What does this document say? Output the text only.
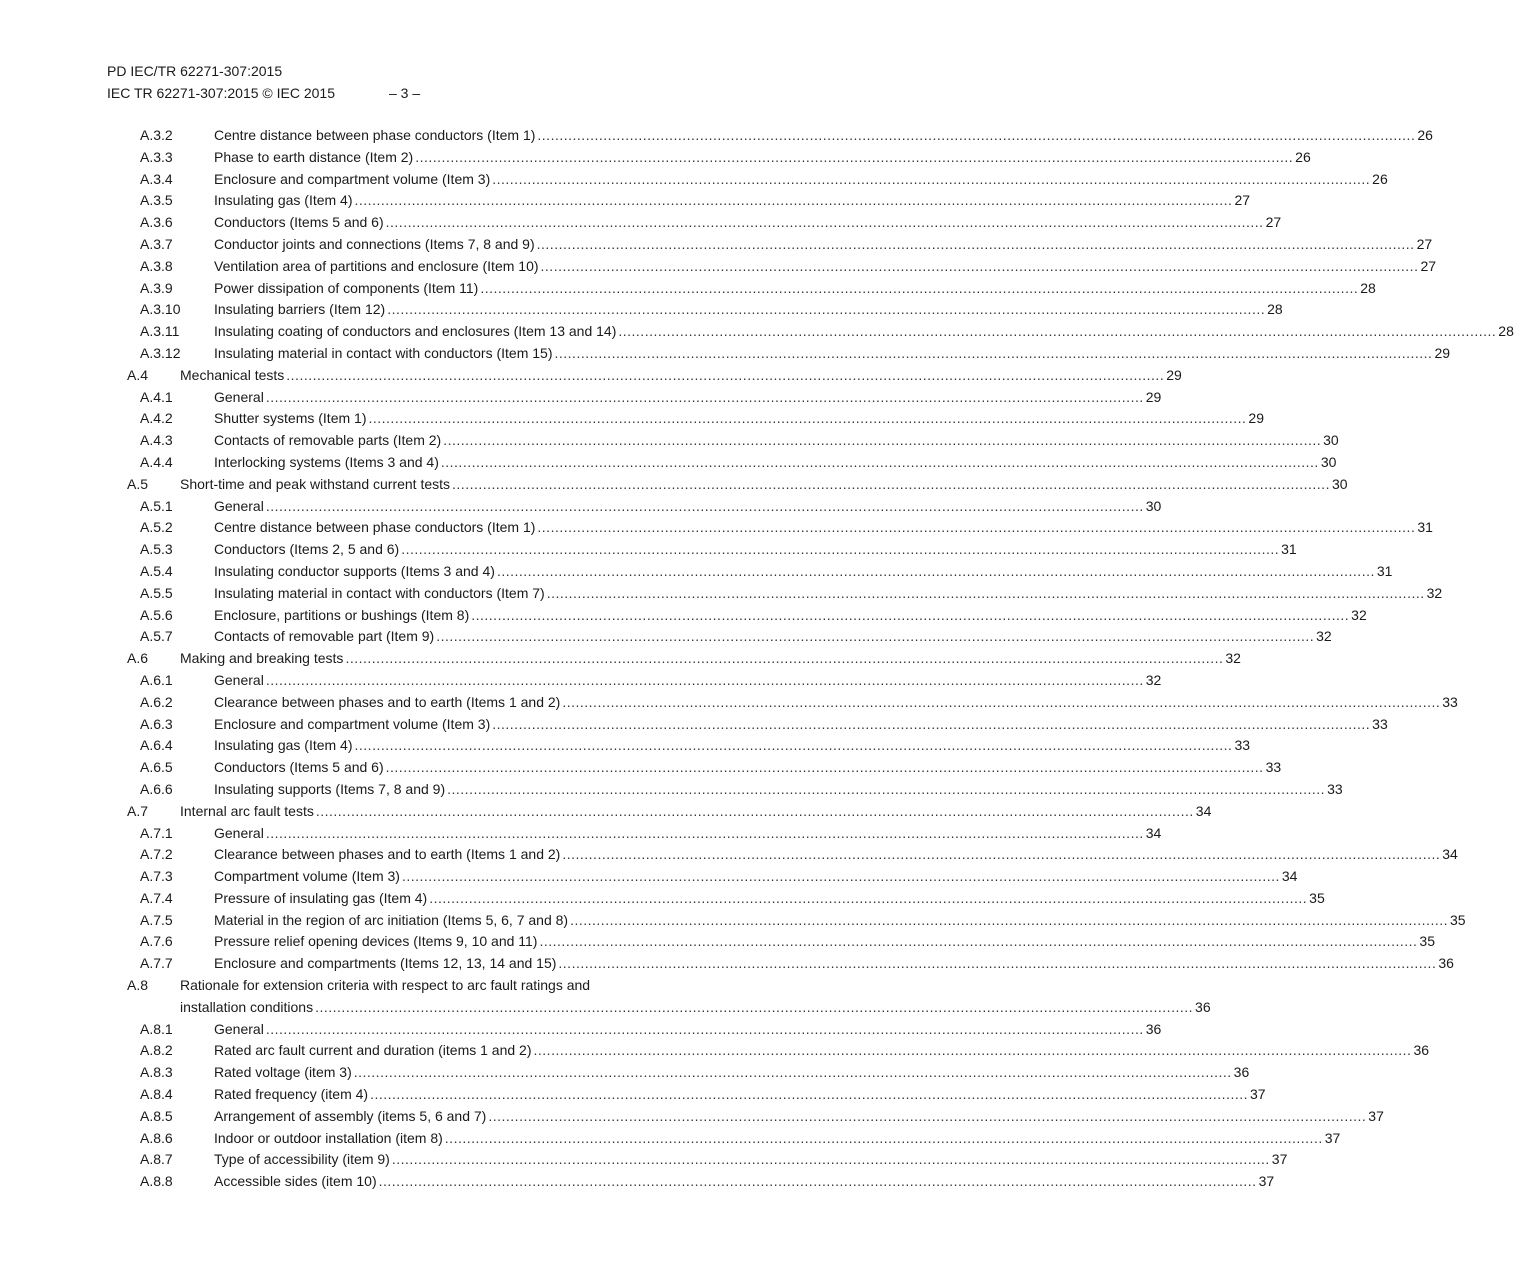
PD IEC/TR 62271-307:2015
IEC TR 62271-307:2015 © IEC 2015	– 3 –
A.3.2	Centre distance between phase conductors (Item 1) ........................................................................................................................................................................................................ 26
A.3.3	Phase to earth distance (Item 2) ........................................................................................................................................................................................................ 26
A.3.4	Enclosure and compartment volume (Item 3) ........................................................................................................................................................................................................ 26
A.3.5	Insulating gas (Item 4) ........................................................................................................................................................................................................ 27
A.3.6	Conductors (Items 5 and 6) ........................................................................................................................................................................................................ 27
A.3.7	Conductor joints and connections (Items 7, 8 and 9) ........................................................................................................................................................................................................ 27
A.3.8	Ventilation area of partitions and enclosure (Item 10) ........................................................................................................................................................................................................ 27
A.3.9	Power dissipation of components (Item 11) ........................................................................................................................................................................................................ 28
A.3.10 Insulating barriers (Item 12) ........................................................................................................................................................................................................ 28
A.3.11 Insulating coating of conductors and enclosures (Item 13 and 14) ........................................................................................................................................................................................................ 28
A.3.12 Insulating material in contact with conductors (Item 15) ........................................................................................................................................................................................................ 29
A.4 Mechanical tests ........................................................................................................................................................................................................ 29
A.4.1	General ........................................................................................................................................................................................................ 29
A.4.2	Shutter systems (Item 1) ........................................................................................................................................................................................................ 29
A.4.3	Contacts of removable parts (Item 2) ........................................................................................................................................................................................................ 30
A.4.4	Interlocking systems (Items 3 and 4) ........................................................................................................................................................................................................ 30
A.5 Short-time and peak withstand current tests ........................................................................................................................................................................................................ 30
A.5.1	General ........................................................................................................................................................................................................ 30
A.5.2	Centre distance between phase conductors (Item 1) ........................................................................................................................................................................................................ 31
A.5.3	Conductors (Items 2, 5 and 6) ........................................................................................................................................................................................................ 31
A.5.4	Insulating conductor supports (Items 3 and 4) ........................................................................................................................................................................................................ 31
A.5.5	Insulating material in contact with conductors (Item 7) ........................................................................................................................................................................................................ 32
A.5.6	Enclosure, partitions or bushings (Item 8) ........................................................................................................................................................................................................ 32
A.5.7	Contacts of removable part (Item 9) ........................................................................................................................................................................................................ 32
A.6 Making and breaking tests ........................................................................................................................................................................................................ 32
A.6.1	General ........................................................................................................................................................................................................ 32
A.6.2	Clearance between phases and to earth (Items 1 and 2) ........................................................................................................................................................................................................ 33
A.6.3	Enclosure and compartment volume (Item 3) ........................................................................................................................................................................................................ 33
A.6.4	Insulating gas (Item 4) ........................................................................................................................................................................................................ 33
A.6.5	Conductors (Items 5 and 6) ........................................................................................................................................................................................................ 33
A.6.6	Insulating supports (Items 7, 8 and 9) ........................................................................................................................................................................................................ 33
A.7 Internal arc fault tests ........................................................................................................................................................................................................ 34
A.7.1	General ........................................................................................................................................................................................................ 34
A.7.2	Clearance between phases and to earth (Items 1 and 2) ........................................................................................................................................................................................................ 34
A.7.3	Compartment volume (Item 3) ........................................................................................................................................................................................................ 34
A.7.4	Pressure of insulating gas (Item 4) ........................................................................................................................................................................................................ 35
A.7.5	Material in the region of arc initiation (Items 5, 6, 7 and 8) ........................................................................................................................................................................................................ 35
A.7.6	Pressure relief opening devices (Items 9, 10 and 11) ........................................................................................................................................................................................................ 35
A.7.7	Enclosure and compartments (Items 12, 13, 14 and 15) ........................................................................................................................................................................................................ 36
A.8 Rationale for extension criteria with respect to arc fault ratings and
installation conditions ........................................................................................................................................................................................................ 36
A.8.1	General ........................................................................................................................................................................................................ 36
A.8.2	Rated arc fault current and duration (items 1 and 2) ........................................................................................................................................................................................................ 36
A.8.3	Rated voltage (item 3) ........................................................................................................................................................................................................ 36
A.8.4	Rated frequency (item 4) ........................................................................................................................................................................................................ 37
A.8.5	Arrangement of assembly (items 5, 6 and 7) ........................................................................................................................................................................................................ 37
A.8.6	Indoor or outdoor installation (item 8) ........................................................................................................................................................................................................ 37
A.8.7	Type of accessibility (item 9) ........................................................................................................................................................................................................ 37
A.8.8	Accessible sides (item 10) ........................................................................................................................................................................................................ 37
